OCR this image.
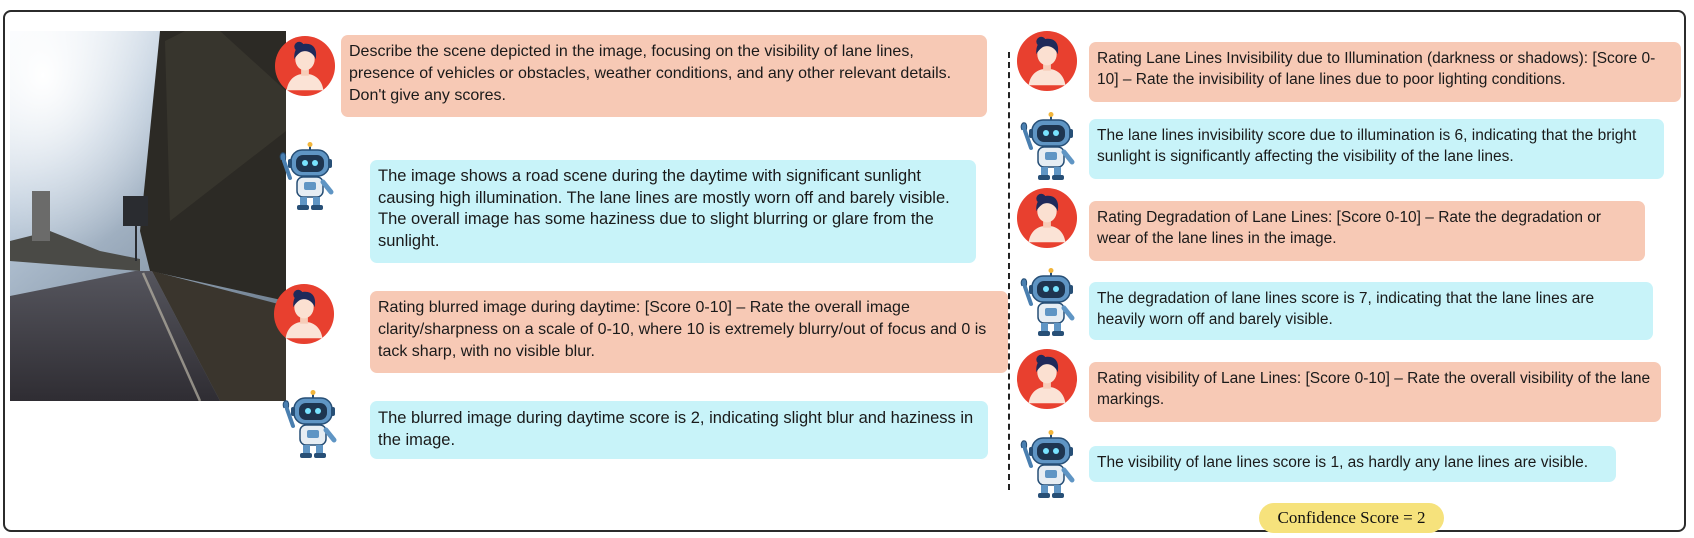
Describe the scene depicted in the image, focusing on the visibility of lane lines, presence of vehicles or obstacles, weather conditions, and any other relevant details. Don't give any scores.

The image shows a road scene during the daytime with significant sunlight causing high illumination. The lane lines are mostly worn off and barely visible. The overall image has some haziness due to slight blurring or glare from the sunlight.

Rating blurred image during daytime: [Score 0-10] – Rate the overall image clarity/sharpness on a scale of 0-10, where 10 is extremely blurry/out of focus and 0 is tack sharp, with no visible blur.

The blurred image during daytime score is 2, indicating slight blur and haziness in the image.

Rating Lane Lines Invisibility due to Illumination (darkness or shadows): [Score 0-10] – Rate the invisibility of lane lines due to poor lighting conditions.

The lane lines invisibility score due to illumination is 6, indicating that the bright sunlight is significantly affecting the visibility of the lane lines.

Rating Degradation of Lane Lines: [Score 0-10] – Rate the degradation or wear of the lane lines in the image.

The degradation of lane lines score is 7, indicating that the lane lines are heavily worn off and barely visible.

Rating visibility of Lane Lines: [Score 0-10] – Rate the overall visibility of the lane markings.

The visibility of lane lines score is 1, as hardly any lane lines are visible.

Confidence Score = 2
